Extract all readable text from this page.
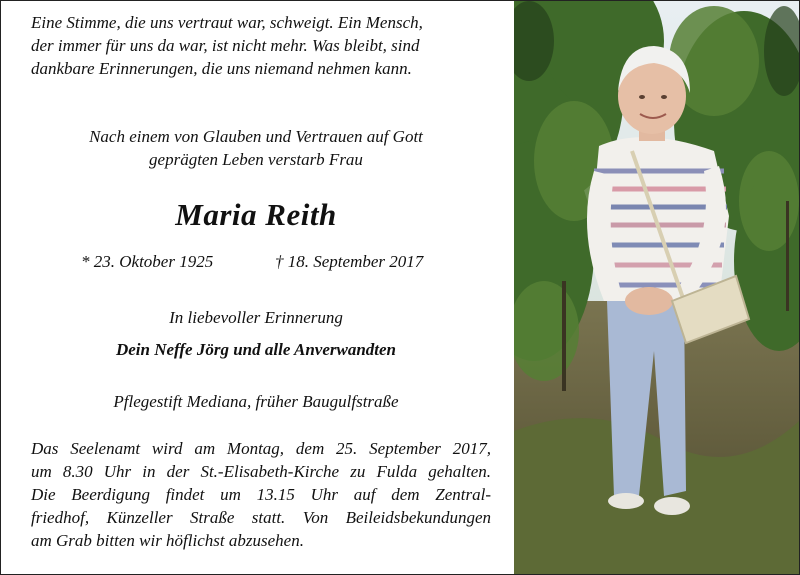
Eine Stimme, die uns vertraut war, schweigt. Ein Mensch,
der immer für uns da war, ist nicht mehr. Was bleibt, sind
dankbare Erinnerungen, die uns niemand nehmen kann.
Nach einem von Glauben und Vertrauen auf Gott
geprägten Leben verstarb Frau
Maria Reith
* 23. Oktober 1925	† 18. September 2017
In liebevoller Erinnerung
Dein Neffe Jörg und alle Anverwandten
Pflegestift Mediana, früher Baugulfstraße
Das Seelenamt wird am Montag, dem 25. September 2017,
um 8.30 Uhr in der St.-Elisabeth-Kirche zu Fulda gehalten.
Die Beerdigung findet um 13.15 Uhr auf dem Zentral-
friedhof, Künzeller Straße statt. Von Beileidsbekundungen
am Grab bitten wir höflichst abzusehen.
